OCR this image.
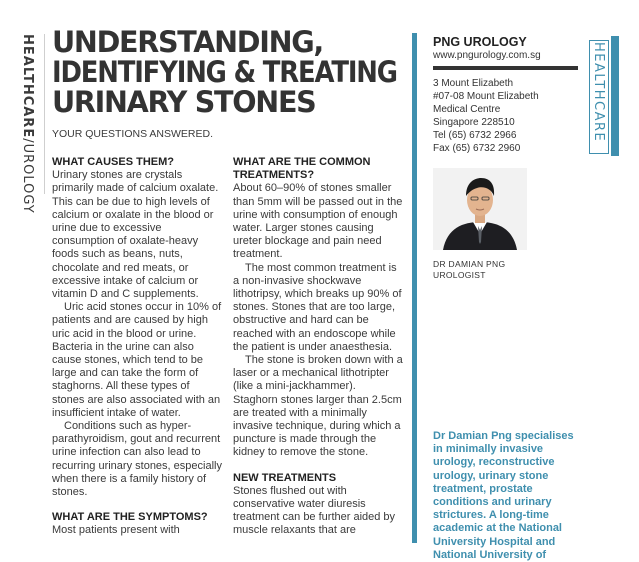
HEALTHCARE/UROLOGY
UNDERSTANDING,
IDENTIFYING & TREATING
URINARY STONES
YOUR QUESTIONS ANSWERED.
WHAT CAUSES THEM?

Urinary stones are crystals primarily made of calcium oxalate. This can be due to high levels of calcium or oxalate in the blood or urine due to excessive consumption of oxalate-heavy foods such as beans, nuts, chocolate and red meats, or excessive intake of calcium or vitamin D and C supplements.

Uric acid stones occur in 10% of patients and are caused by high uric acid in the blood or urine. Bacteria in the urine can also cause stones, which tend to be large and can take the form of staghorns. All these types of stones are also associated with an insufficient intake of water.

Conditions such as hyper-parathyroidism, gout and recurrent urine infection can also lead to recurring urinary stones, especially when there is a family history of stones.

WHAT ARE THE SYMPTOMS?

Most patients present with

WHAT ARE THE COMMON TREATMENTS?

About 60–90% of stones smaller than 5mm will be passed out in the urine with consumption of enough water. Larger stones causing ureter blockage and pain need treatment.

The most common treatment is a non-invasive shockwave lithotripsy, which breaks up 90% of stones. Stones that are too large, obstructive and hard can be reached with an endoscope while the patient is under anaesthesia.

The stone is broken down with a laser or a mechanical lithotripter (like a mini-jackhammer). Staghorn stones larger than 2.5cm are treated with a minimally invasive technique, during which a puncture is made through the kidney to remove the stone.

NEW TREATMENTS

Stones flushed out with conservative water diuresis treatment can be further aided by muscle relaxants that are

PNG UROLOGY
www.pngurology.com.sg
3 Mount Elizabeth
#07-08 Mount Elizabeth
Medical Centre
Singapore 228510
Tel (65) 6732 2966
Fax (65) 6732 2960
DR DAMIAN PNG
UROLOGIST
Dr Damian Png specialises in minimally invasive urology, reconstructive urology, urinary stone treatment, prostate conditions and urinary strictures. A long-time academic at the National University Hospital and National University of
HEALTHCARE
